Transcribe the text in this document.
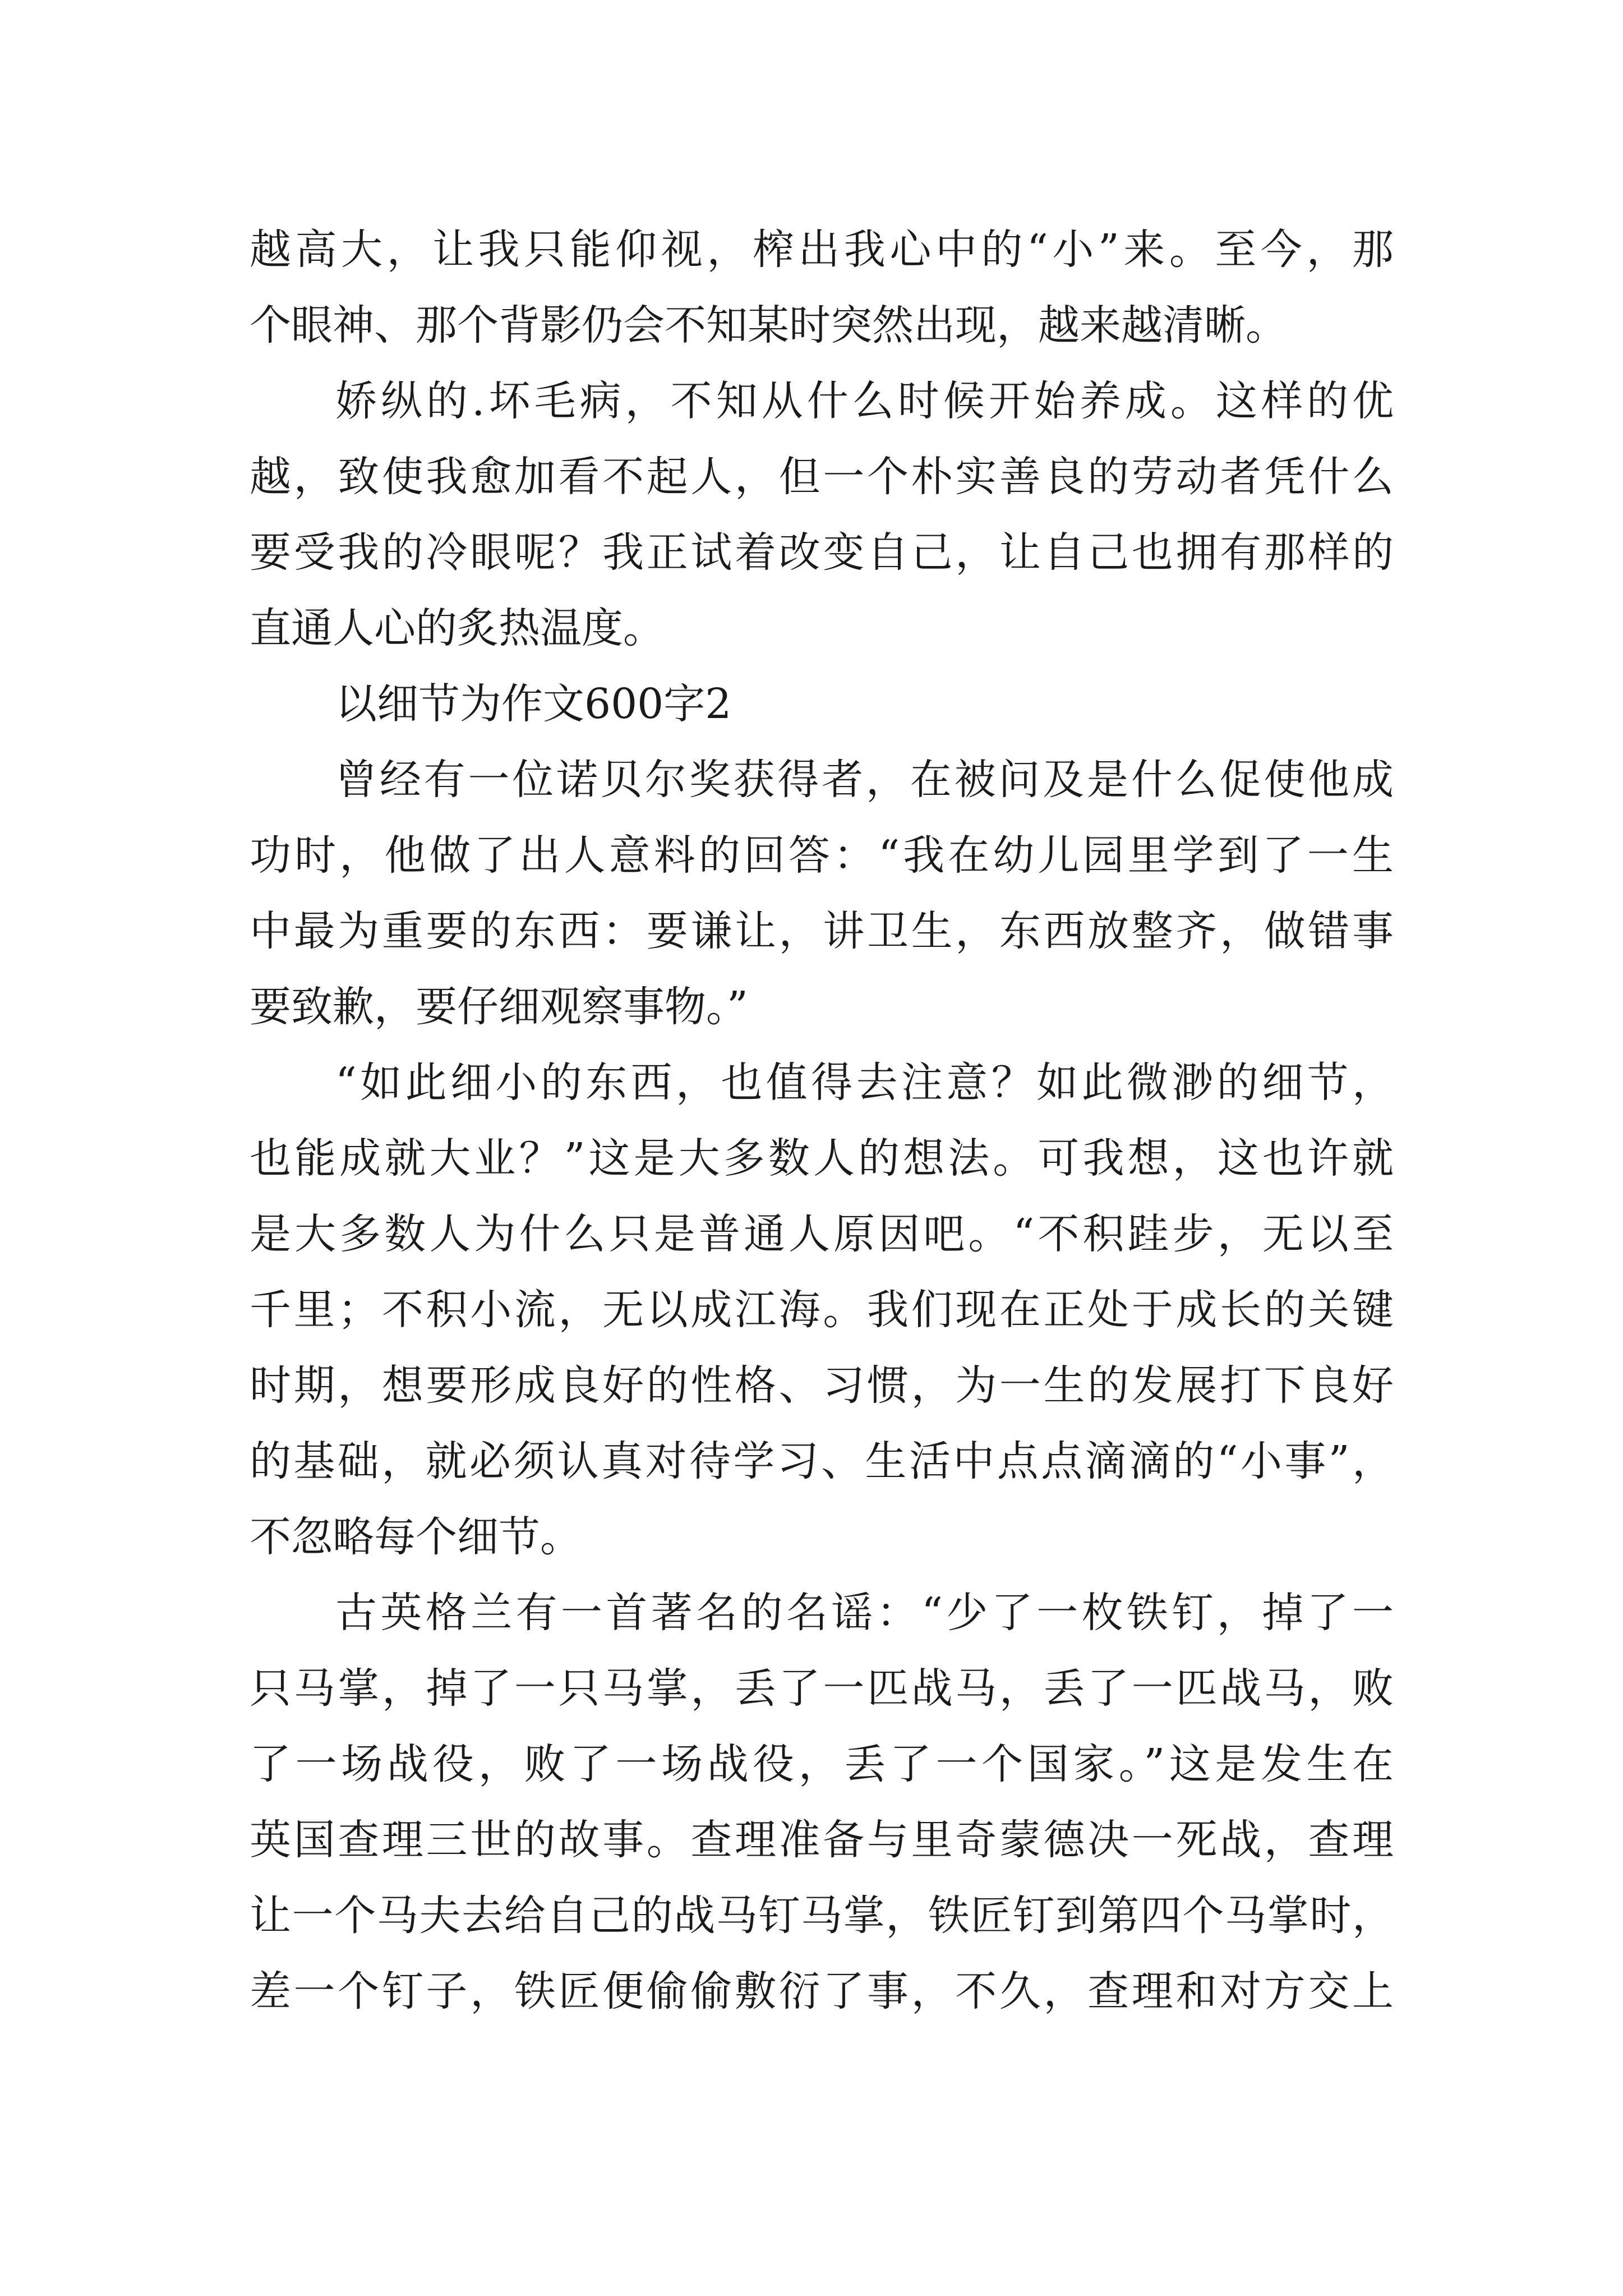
越高大，让我只能仰视，榨出我心中的“小”来。至今，那
个眼神、那个背影仍会不知某时突然出现，越来越清晰。
娇纵的.坏毛病，不知从什么时候开始养成。这样的优
越，致使我愈加看不起人，但一个朴实善良的劳动者凭什么
要受我的冷眼呢？我正试着改变自己，让自己也拥有那样的
直通人心的炙热温度。
以细节为作文600字2
曾经有一位诺贝尔奖获得者，在被问及是什么促使他成
功时，他做了出人意料的回答：“我在幼儿园里学到了一生
中最为重要的东西：要谦让，讲卫生，东西放整齐，做错事
要致歉，要仔细观察事物。”
“如此细小的东西，也值得去注意？如此微渺的细节，
也能成就大业？”这是大多数人的想法。可我想，这也许就
是大多数人为什么只是普通人原因吧。“不积跬步，无以至
千里；不积小流，无以成江海。我们现在正处于成长的关键
时期，想要形成良好的性格、习惯，为一生的发展打下良好
的基础，就必须认真对待学习、生活中点点滴滴的“小事”，
不忽略每个细节。
古英格兰有一首著名的名谣：“少了一枚铁钉，掉了一
只马掌，掉了一只马掌，丢了一匹战马，丢了一匹战马，败
了一场战役，败了一场战役，丢了一个国家。”这是发生在
英国查理三世的故事。查理准备与里奇蒙德决一死战，查理
让一个马夫去给自己的战马钉马掌，铁匠钉到第四个马掌时，
差一个钉子，铁匠便偷偷敷衍了事，不久，查理和对方交上
